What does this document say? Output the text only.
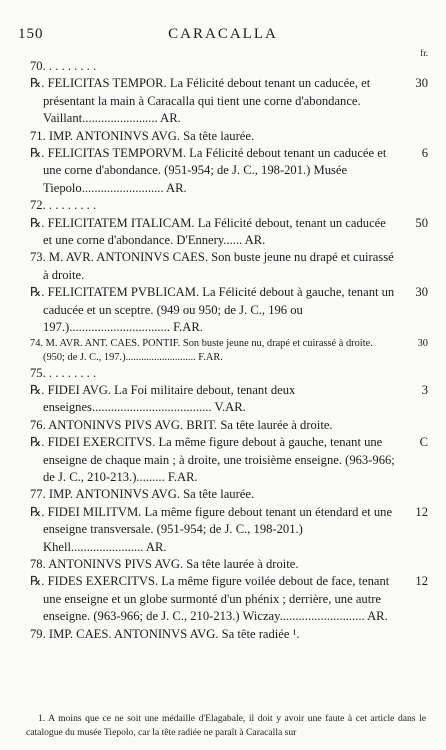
150	CARACALLA
fr.
70. . . . . . . . .
℞. FELICITAS TEMPOR. La Félicité debout tenant un caducée, et présentant la main à Caracalla qui tient une corne d'abondance. Vaillant........................ AR.
30
71. IMP. ANTONINVS AVG. Sa tête laurée.
℞. FELICITAS TEMPORVM. La Félicité debout tenant un caducée et une corne d'abondance. (951-954; de J. C., 198-201.) Musée Tiepolo.......................... AR.
6
72. . . . . . . . .
℞. FELICITATEM ITALICAM. La Félicité debout, tenant un caducée et une corne d'abondance. D'Ennery...... AR.
50
73. M. AVR. ANTONINVS CAES. Son buste jeune nu drapé et cuirassé à droite.
℞. FELICITATEM PVBLICAM. La Félicité debout à gauche, tenant un caducée et un sceptre. (949 ou 950; de J. C., 196 ou 197.)................................ F.AR.
30
74. M. AVR. ANT. CAES. PONTIF. Son buste jeune nu, drapé et cuirassé à droite. (950; de J. C., 197.)........................... F.AR.
30
75. . . . . . . . .
℞. FIDEI AVG. La Foi militaire debout, tenant deux enseignes...................................... V.AR.
3
76. ANTONINVS PIVS AVG. BRIT. Sa tête laurée à droite.
℞. FIDEI EXERCITVS. La même figure debout à gauche, tenant une enseigne de chaque main ; à droite, une troisième enseigne. (963-966; de J. C., 210-213.)......... F.AR.
C
77. IMP. ANTONINVS AVG. Sa tête laurée.
℞. FIDEI MILITVM. La même figure debout tenant un étendard et une enseigne transversale. (951-954; de J. C., 198-201.) Khell....................... AR.
12
78. ANTONINVS PIVS AVG. Sa tête laurée à droite.
℞. FIDES EXERCITVS. La même figure voilée debout de face, tenant une enseigne et un globe surmonté d'un phénix ; derrière, une autre enseigne. (963-966; de J. C., 210-213.) Wiczay........................... AR.
12
79. IMP. CAES. ANTONINVS AVG. Sa tête radiée ¹.

1. A moins que ce ne soit une médaille d'Elagabale, il doit y avoir une faute à cet article dans le catalogue du musée Tiepolo, car la tête radiée ne paraît à Caracalla sur
